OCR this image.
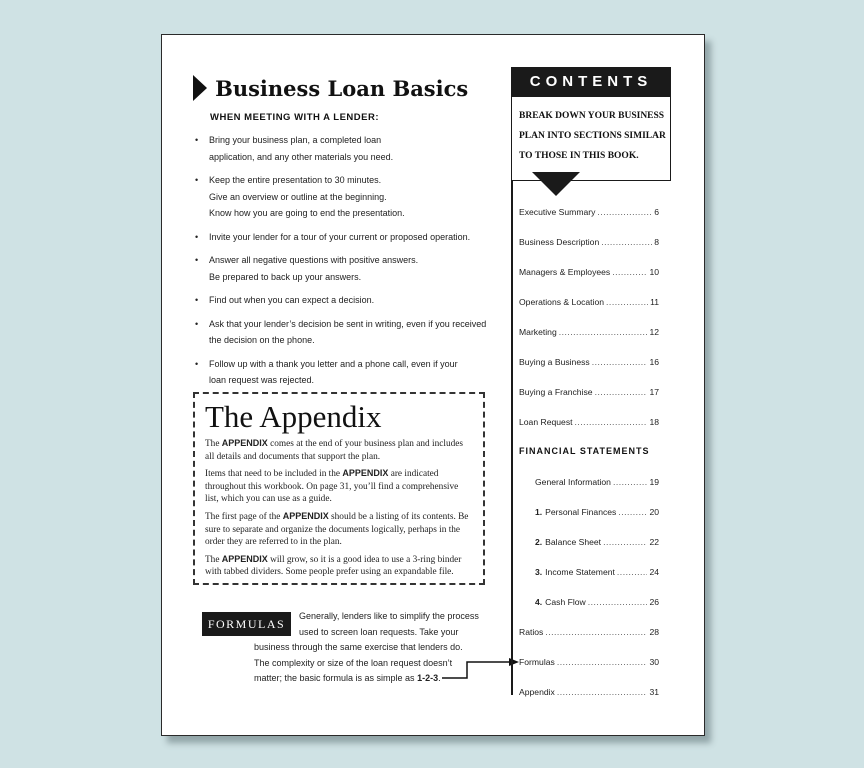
Business Loan Basics
WHEN MEETING WITH A LENDER:
• Bring your business plan, a completed loan
application, and any other materials you need.
• Keep the entire presentation to 30 minutes.
Give an overview or outline at the beginning.
Know how you are going to end the presentation.
• Invite your lender for a tour of your current or proposed operation.
• Answer all negative questions with positive answers.
Be prepared to back up your answers.
• Find out when you can expect a decision.
• Ask that your lender’s decision be sent in writing, even if you received
the decision on the phone.
• Follow up with a thank you letter and a phone call, even if your
loan request was rejected.
The Appendix

The APPENDIX comes at the end of your business plan and includes all details and documents that support the plan.

Items that need to be included in the APPENDIX are indicated throughout this workbook. On page 31, you’ll find a comprehensive list, which you can use as a guide.

The first page of the APPENDIX should be a listing of its contents. Be sure to separate and organize the documents logically, perhaps in the order they are referred to in the plan.

The APPENDIX will grow, so it is a good idea to use a 3-ring binder with tabbed dividers. Some people prefer using an expandable file.

Generally, lenders like to simplify the process
used to screen loan requests. Take your
business through the same exercise that lenders do.
The complexity or size of the loan request doesn’t
matter; the basic formula is as simple as 1-2-3.
FORMULAS
CONTENTS
BREAK DOWN YOUR BUSINESS
PLAN INTO SECTIONS SIMILAR
TO THOSE IN THIS BOOK.
Executive Summary .....	6
Business Description .....	8
Managers & Employees .....	10
Operations & Location .....	11
Marketing .....	12
Buying a Business .....	16
Buying a Franchise .....	17
Loan Request .....	18
General Information .....	19
1. Personal Finances .....	20
2. Balance Sheet .....	22
3. Income Statement .....	24
4. Cash Flow .....	26
Ratios .....	28
Formulas .....	30
Appendix .....	31
FINANCIAL STATEMENTS
